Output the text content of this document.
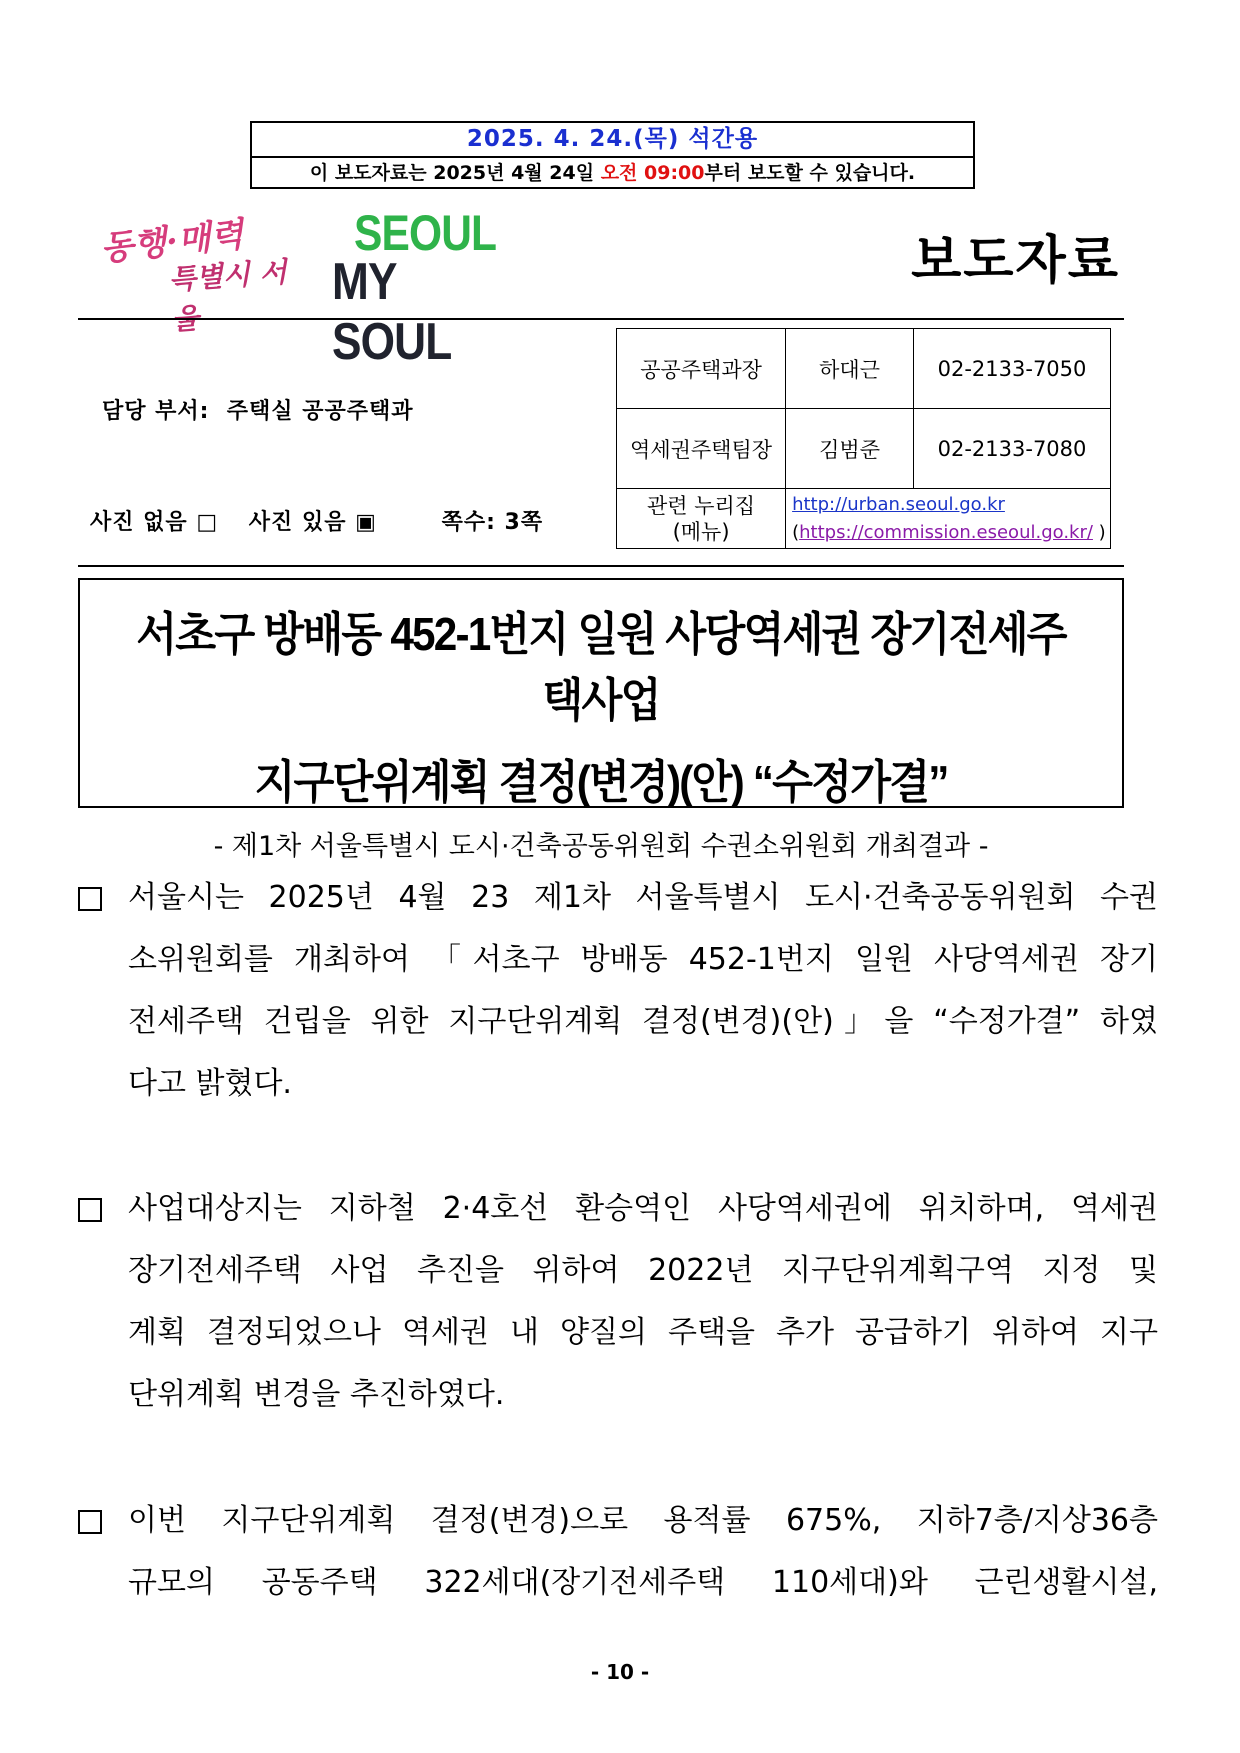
2025. 4. 24.(목) 석간용
이 보도자료는 2025년 4월 24일 오전 09:00부터 보도할 수 있습니다.
동행·매력
특별시 서울
SEOUL
MY SOUL
보도자료
담당 부서:  주택실 공공주택과
사진 없음 □ 사진 있음 ▣	쪽수: 3쪽
공공주택과장	하대근	02-2133-7050
역세권주택팀장	김범준	02-2133-7080
관련 누리집
(메뉴)	http://urban.seoul.go.kr
(https://commission.eseoul.go.kr/ )	
서초구 방배동 452-1번지 일원 사당역세권 장기전세주택사업
지구단위계획 결정(변경)(안) “수정가결”
- 제1차 서울특별시 도시·건축공동위원회 수권소위원회 개최결과 -
서울시는 2025년 4월 23 제1차 서울특별시 도시·건축공동위원회 수권
소위원회를 개최하여 「서초구 방배동 452-1번지 일원 사당역세권 장기
전세주택 건립을 위한 지구단위계획 결정(변경)(안)」을 “수정가결” 하였
다고 밝혔다.
사업대상지는 지하철 2·4호선 환승역인 사당역세권에 위치하며, 역세권
장기전세주택 사업 추진을 위하여 2022년 지구단위계획구역 지정 및
계획 결정되었으나 역세권 내 양질의 주택을 추가 공급하기 위하여 지구
단위계획 변경을 추진하였다.
이번 지구단위계획 결정(변경)으로 용적률 675%, 지하7층/지상36층
규모의 공동주택 322세대(장기전세주택 110세대)와 근린생활시설,
- 10 -
